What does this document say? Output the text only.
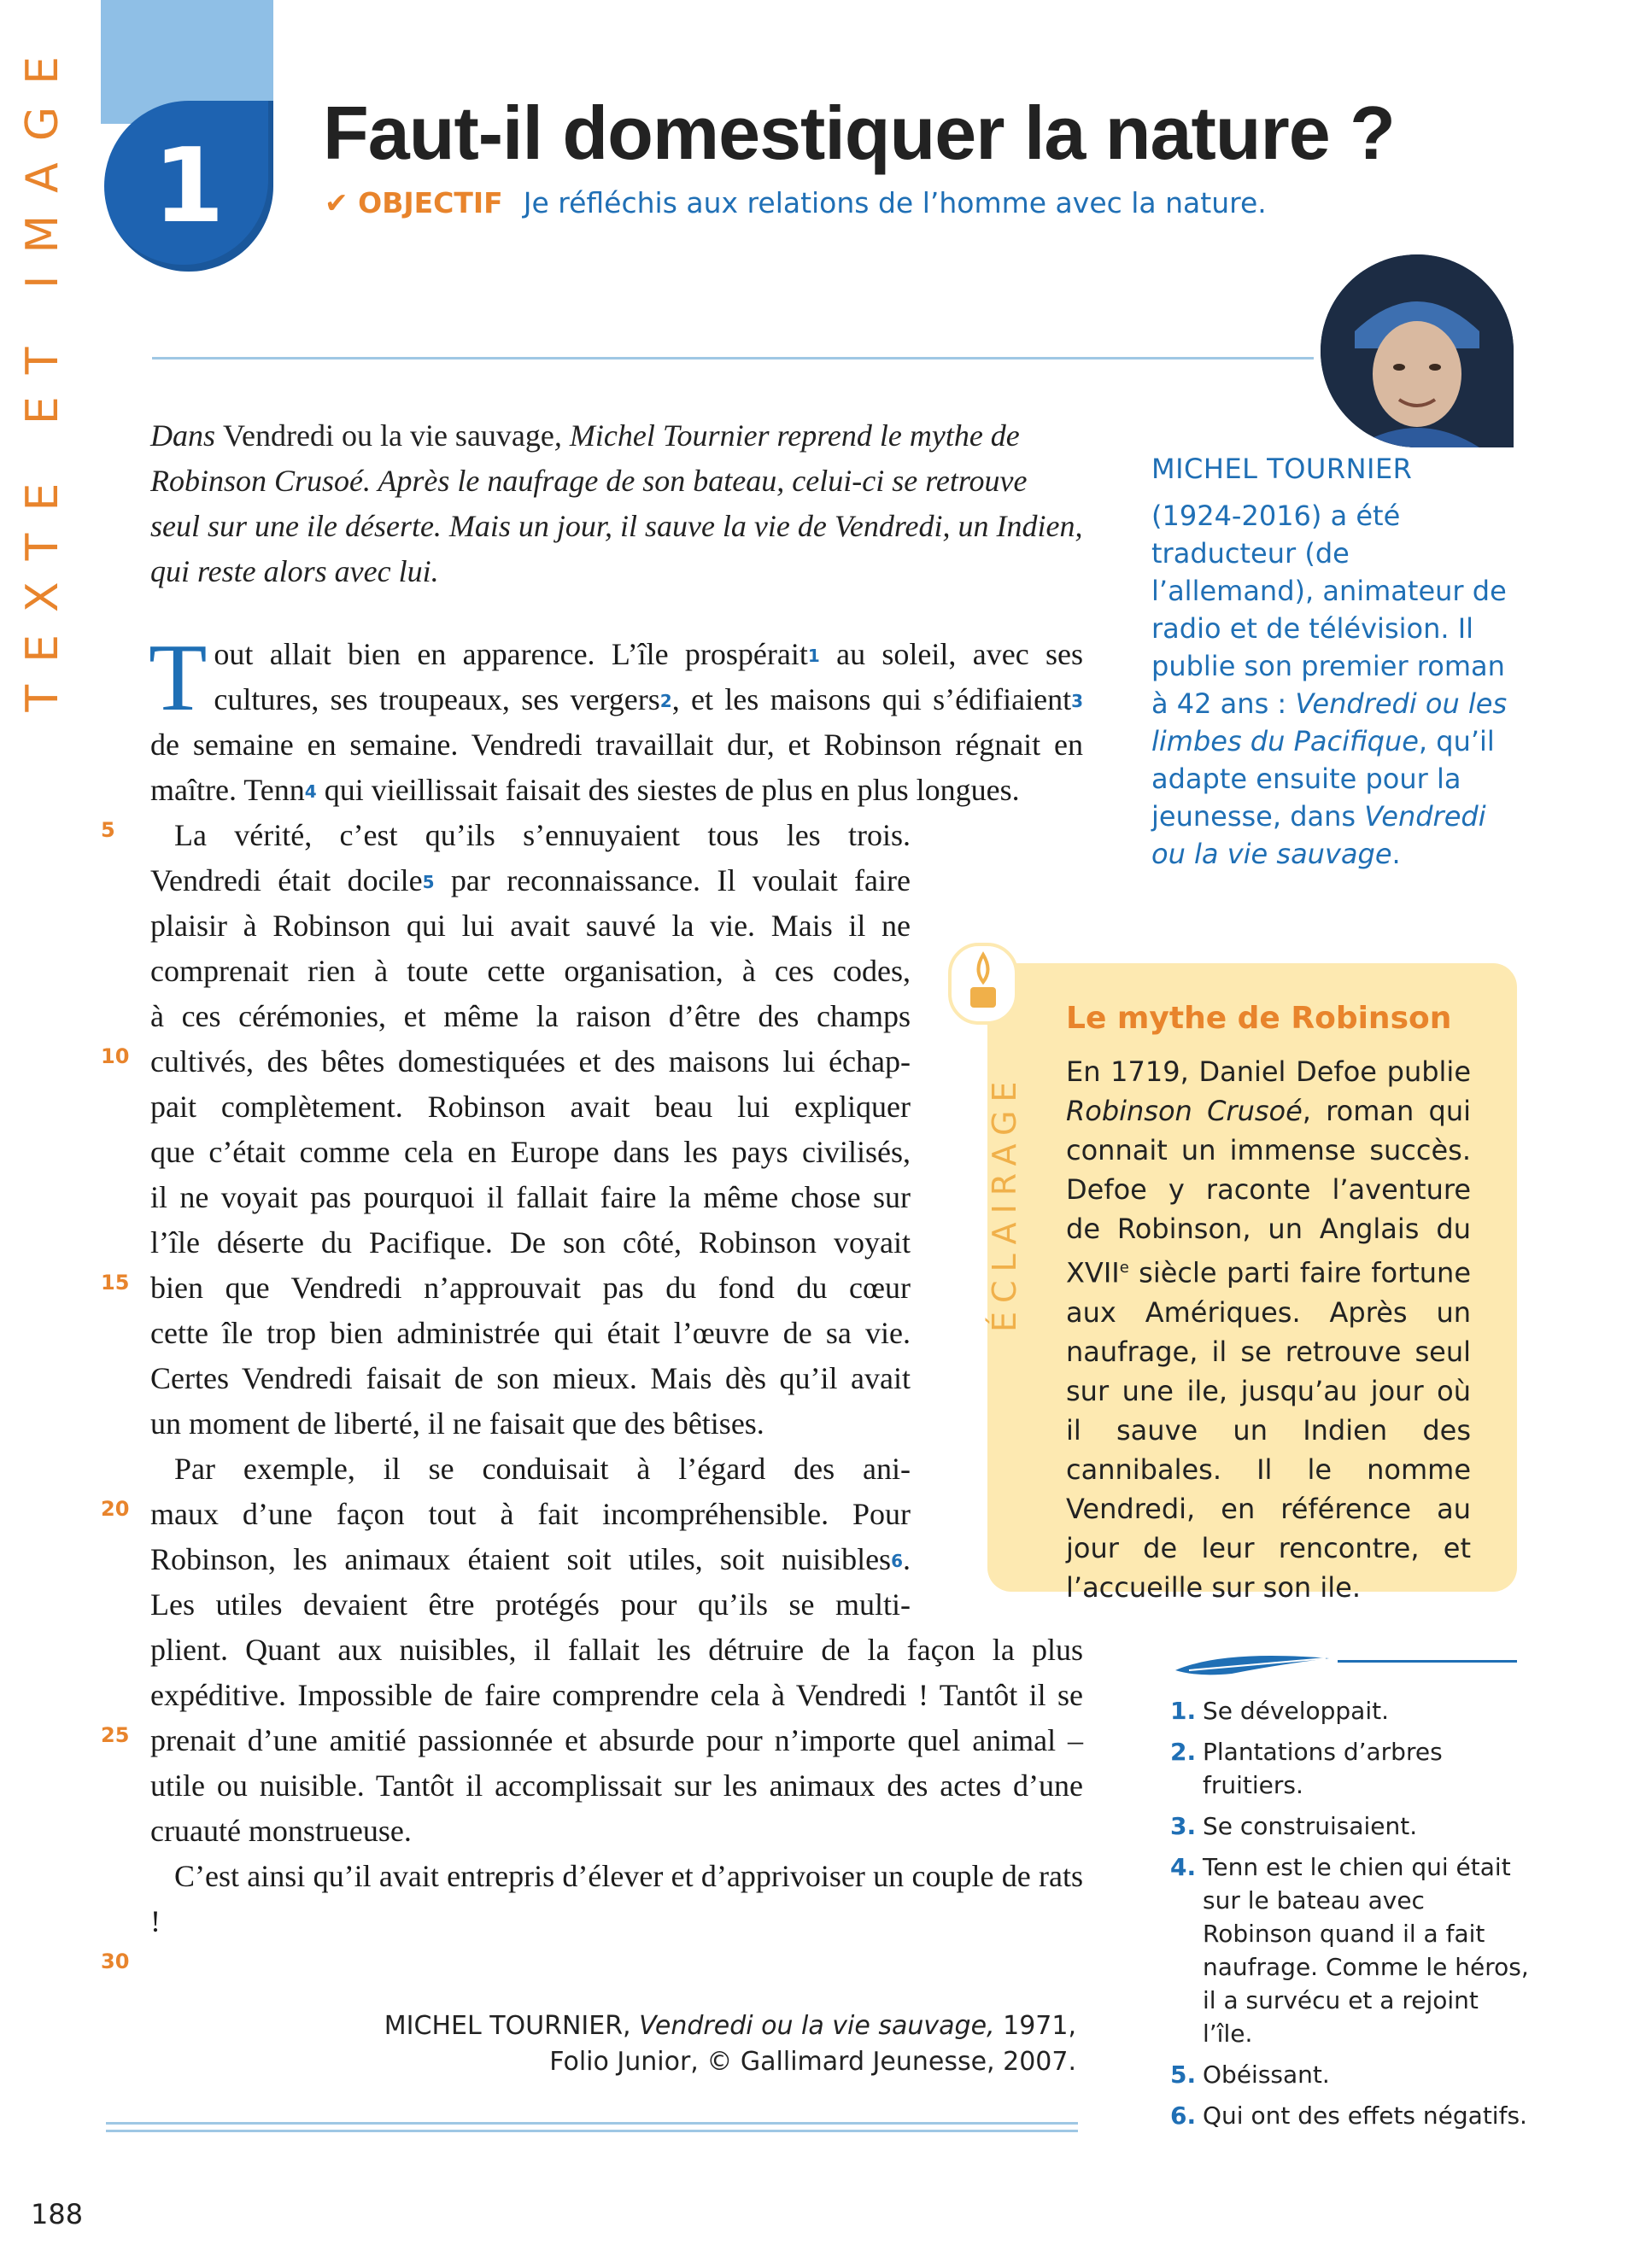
TEXTE ET IMAGE 1	Faut-il domestiquer la nature ?
✔ OBJECTIF Je réfléchis aux relations de l’homme avec la nature.
MICHEL TOURNIER
(1924-2016) a été traducteur (de l’allemand), animateur de radio et de télévision. Il publie son premier roman à 42 ans : Vendredi ou les limbes du Pacifique, qu’il adapte ensuite pour la jeunesse, dans Vendredi ou la vie sauvage.
Dans Vendredi ou la vie sauvage, Michel Tournier reprend le mythe de Robinson Crusoé. Après le naufrage de son bateau, celui-ci se retrouve seul sur une ile déserte. Mais un jour, il sauve la vie de Vendredi, un Indien, qui reste alors avec lui.
5
10
15
20
25
30

Tout allait bien en apparence. L’île prospérait$^1$ au soleil, avec ses cultures, ses troupeaux, ses vergers$^2$, et les maisons qui s’édifiaient$^3$ de semaine en semaine. Vendredi travaillait dur, et Robinson régnait en maître. Tenn$^4$ qui vieillissait faisait des siestes de plus en plus longues.

La vérité, c’est qu’ils s’ennuyaient tous les trois.

Vendredi était docile$^5$ par reconnaissance. Il voulait faire

plaisir à Robinson qui lui avait sauvé la vie. Mais il ne

comprenait rien à toute cette organisation, à ces codes,

à ces cérémonies, et même la raison d’être des champs

cultivés, des bêtes domestiquées et des maisons lui échap-

pait complètement. Robinson avait beau lui expliquer

que c’était comme cela en Europe dans les pays civilisés,

il ne voyait pas pourquoi il fallait faire la même chose sur

l’île déserte du Pacifique. De son côté, Robinson voyait

bien que Vendredi n’approuvait pas du fond du cœur

cette île trop bien administrée qui était l’œuvre de sa vie.

Certes Vendredi faisait de son mieux. Mais dès qu’il avait

un moment de liberté, il ne faisait que des bêtises.

Par exemple, il se conduisait à l’égard des ani-

maux d’une façon tout à fait incompréhensible. Pour

Robinson, les animaux étaient soit utiles, soit nuisibles$^6$.

Les utiles devaient être protégés pour qu’ils se multi-

plient. Quant aux nuisibles, il fallait les détruire de la façon la plus expéditive. Impossible de faire comprendre cela à Vendredi ! Tantôt il se prenait d’une amitié passionnée et absurde pour n’importe quel animal – utile ou nuisible. Tantôt il accomplissait sur les animaux des actes d’une cruauté monstrueuse.

C’est ainsi qu’il avait entrepris d’élever et d’apprivoiser un couple de rats !

MICHEL TOURNIER, Vendredi ou la vie sauvage, 1971,
Folio Junior, © Gallimard Jeunesse, 2007.
ÉCLAIRAGE
Le mythe de Robinson
En 1719, Daniel Defoe publie Robinson Crusoé, roman qui connait un immense succès. Defoe y raconte l’aventure de Robinson, un Anglais du XVIIe siècle parti faire fortune aux Amériques. Après un naufrage, il se retrouve seul sur une ile, jusqu’au jour où il sauve un Indien des cannibales. Il le nomme Vendredi, en référence au jour de leur rencontre, et l’accueille sur son ile.
1. Se développait.
2. Plantations d’arbres fruitiers.
3. Se construisaient.
4. Tenn est le chien qui était sur le bateau avec Robinson quand il a fait naufrage. Comme le héros, il a survécu et a rejoint l’île.
5. Obéissant.
6. Qui ont des effets négatifs.
188
